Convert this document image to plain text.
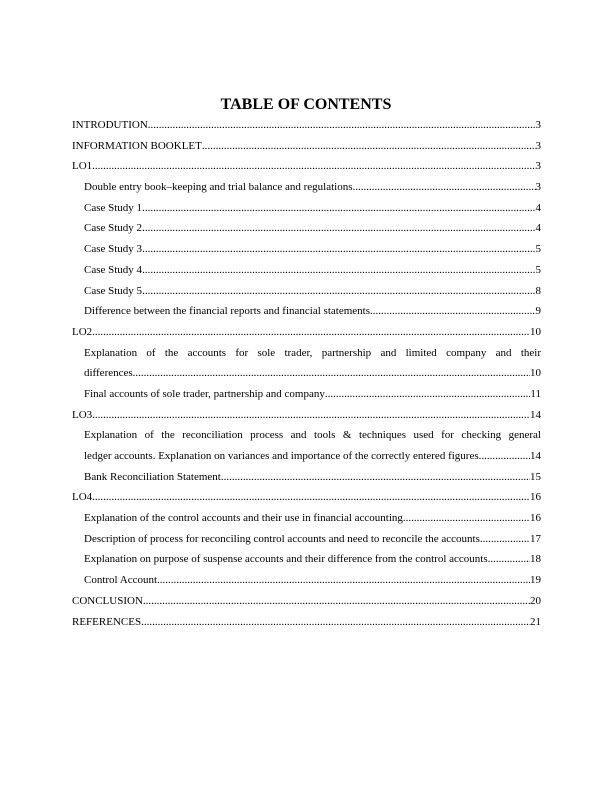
TABLE OF CONTENTS
INTRODUTION .....	3
INFORMATION BOOKLET .....	3
LO1 .....	3
Double entry book–keeping and trial balance and regulations .....	3
Case Study 1 .....	4
Case Study 2 .....	4
Case Study 3 .....	5
Case Study 4 .....	5
Case Study 5 .....	8
Difference between the financial reports and financial statements. .....	9
LO2 .....	10
Explanation of the accounts for sole trader, partnership and limited company and their
differences .....	10
Final accounts of sole trader, partnership and company .....	11
LO3 .....	14
Explanation of the reconciliation process and tools & techniques used for checking general
ledger accounts. Explanation on variances and importance of the correctly entered figures .....	14
Bank Reconciliation Statement .....	15
LO4 .....	16
Explanation of the control accounts and their use in financial accounting .....	16
Description of process for reconciling control accounts and need to reconcile the accounts .....	17
Explanation on purpose of suspense accounts and their difference from the control accounts. .....	18
Control Account .....	19
CONCLUSION .....	20
REFERENCES .....	21
